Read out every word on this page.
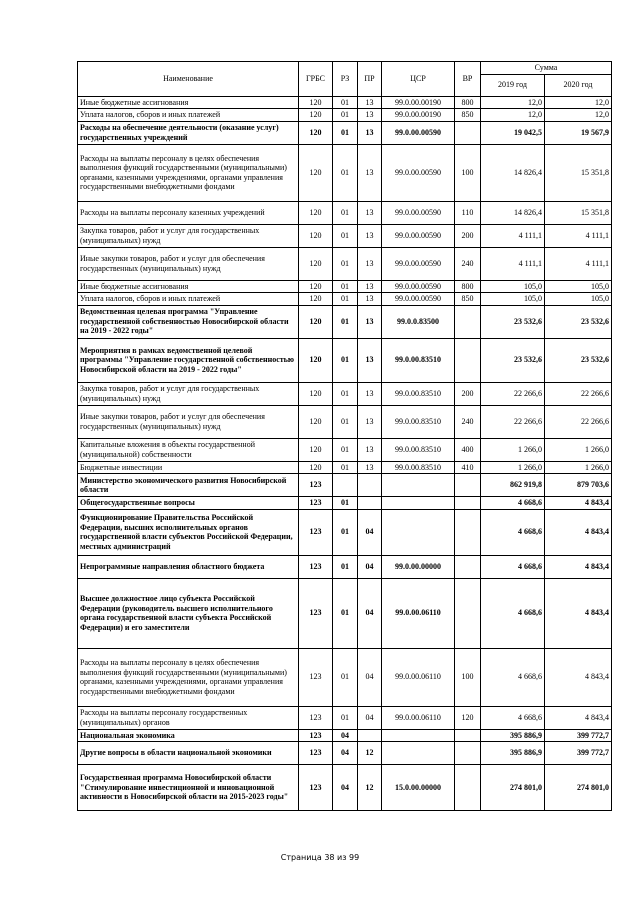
Наименование	ГРБС	РЗ	ПР	ЦСР	ВР	Сумма	
						2019 год	2020 год
Иные бюджетные ассигнования	120	01	13	99.0.00.00190	800	12,0	12,0
Уплата налогов, сборов и иных платежей	120	01	13	99.0.00.00190	850	12,0	12,0
Расходы на обеспечение деятельности (оказание услуг) государственных учреждений	120	01	13	99.0.00.00590		19 042,5	19 567,9
Расходы на выплаты персоналу в целях обеспечения выполнения функций государственными (муниципальными) органами, казенными учреждениями, органами управления государственными внебюджетными фондами	120	01	13	99.0.00.00590	100	14 826,4	15 351,8
Расходы на выплаты персоналу казенных учреждений	120	01	13	99.0.00.00590	110	14 826,4	15 351,8
Закупка товаров, работ и услуг для государственных (муниципальных) нужд	120	01	13	99.0.00.00590	200	4 111,1	4 111,1
Иные закупки товаров, работ и услуг для обеспечения государственных (муниципальных) нужд	120	01	13	99.0.00.00590	240	4 111,1	4 111,1
Иные бюджетные ассигнования	120	01	13	99.0.00.00590	800	105,0	105,0
Уплата налогов, сборов и иных платежей	120	01	13	99.0.00.00590	850	105,0	105,0
Ведомственная целевая программа "Управление государственной собственностью Новосибирской области на 2019 - 2022 годы"	120	01	13	99.0.0.83500		23 532,6	23 532,6
Мероприятия в рамках ведомственной целевой программы "Управление государственной собственностью Новосибирской области на 2019 - 2022 годы"	120	01	13	99.0.00.83510		23 532,6	23 532,6
Закупка товаров, работ и услуг для государственных (муниципальных) нужд	120	01	13	99.0.00.83510	200	22 266,6	22 266,6
Иные закупки товаров, работ и услуг для обеспечения государственных (муниципальных) нужд	120	01	13	99.0.00.83510	240	22 266,6	22 266,6
Капитальные вложения в объекты государственной (муниципальной) собственности	120	01	13	99.0.00.83510	400	1 266,0	1 266,0
Бюджетные инвестиции	120	01	13	99.0.00.83510	410	1 266,0	1 266,0
Министерство экономического развития Новосибирской области	123					862 919,8	879 703,6
Общегосударственные вопросы	123	01				4 668,6	4 843,4
Функционирование Правительства Российской Федерации, высших исполнительных органов государственной власти субъектов Российской Федерации, местных администраций	123	01	04			4 668,6	4 843,4
Непрограммные направления областного бюджета	123	01	04	99.0.00.00000		4 668,6	4 843,4
Высшее должностное лицо субъекта Российской Федерации (руководитель высшего исполнительного органа государственной власти субъекта Российской Федерации) и его заместители	123	01	04	99.0.00.06110		4 668,6	4 843,4
Расходы на выплаты персоналу в целях обеспечения выполнения функций государственными (муниципальными) органами, казенными учреждениями, органами управления государственными внебюджетными фондами	123	01	04	99.0.00.06110	100	4 668,6	4 843,4
Расходы на выплаты персоналу государственных (муниципальных) органов	123	01	04	99.0.00.06110	120	4 668,6	4 843,4
Национальная экономика	123	04				395 886,9	399 772,7
Другие вопросы в области национальной экономики	123	04	12			395 886,9	399 772,7
Государственная программа Новосибирской области "Стимулирование инвестиционной и инновационной активности в Новосибирской области на 2015-2023 годы"	123	04	12	15.0.00.00000		274 801,0	274 801,0
Страница 38 из 99
